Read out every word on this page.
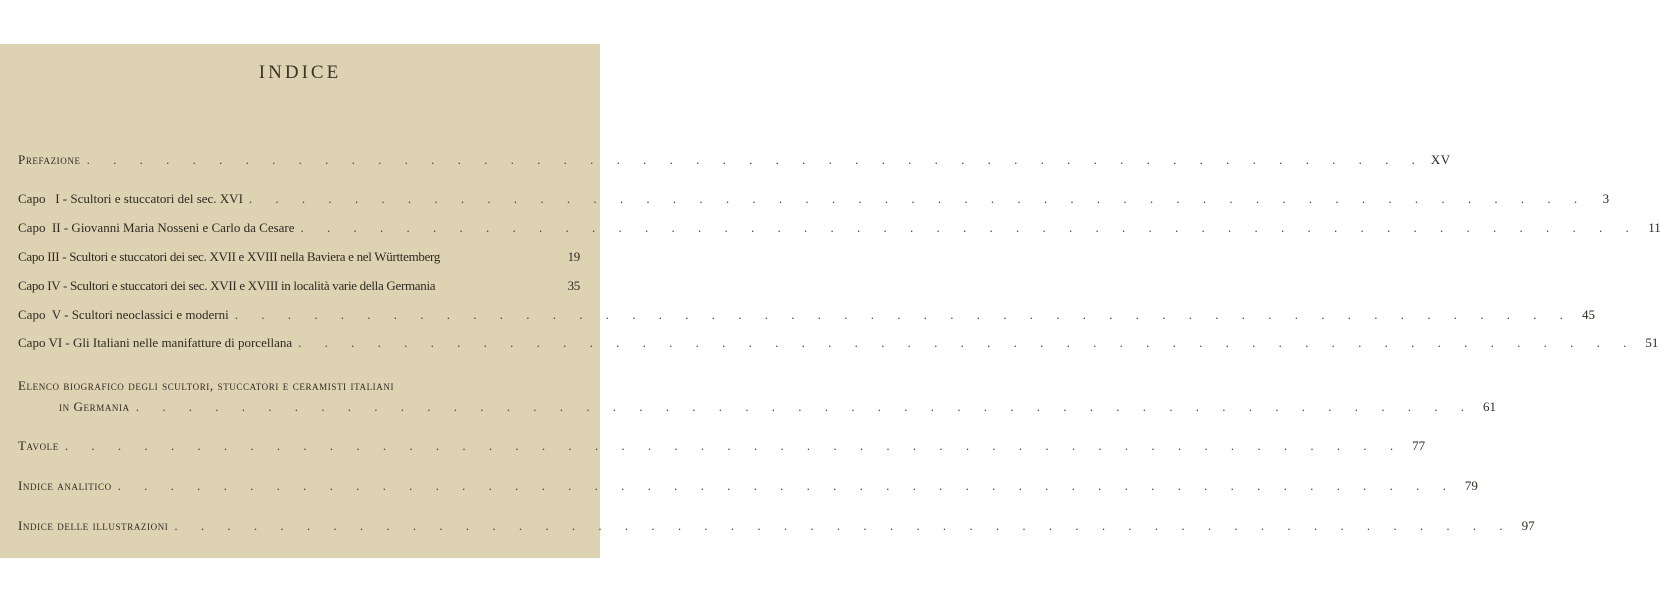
INDICE
Prefazione . . . . . . . . . . . . . . . . . . . . . . . . . . . . . . . . . . . . . . . . . . . . . . . . . . . XV
Capo   I - Scultori e stuccatori del sec. XVI . . . . . . . . . . . . . . . . . . . . . . . . . . . . . . . . . . . . . . . . . . . . . . . . . . .	3
Capo  II - Giovanni Maria Nosseni e Carlo da Cesare . . . . . . . . . . . . . . . . . . . . . . . . . . . . . . . . . . . . . . . . . . . . . . . . . . . 11
Capo III - Scultori e stuccatori dei sec. XVII e XVIII nella Baviera e nel Württemberg	19
Capo IV - Scultori e stuccatori dei sec. XVII e XVIII in località varie della Germania	35
Capo  V - Scultori neoclassici e moderni . . . . . . . . . . . . . . . . . . . . . . . . . . . . . . . . . . . . . . . . . . . . . . . . . . . 45
Capo VI - Gli Italiani nelle manifatture di porcellana . . . . . . . . . . . . . . . . . . . . . . . . . . . . . . . . . . . . . . . . . . . . . . . . . . . 51
Elenco biografico degli scultori, stuccatori e ceramisti italiani
in Germania . . . . . . . . . . . . . . . . . . . . . . . . . . . . . . . . . . . . . . . . . . . . . . . . . . . 61
Tavole . . . . . . . . . . . . . . . . . . . . . . . . . . . . . . . . . . . . . . . . . . . . . . . . . . . 77
Indice analitico . . . . . . . . . . . . . . . . . . . . . . . . . . . . . . . . . . . . . . . . . . . . . . . . . . . 79
Indice delle illustrazioni . . . . . . . . . . . . . . . . . . . . . . . . . . . . . . . . . . . . . . . . . . . . . . . . . . . 97
